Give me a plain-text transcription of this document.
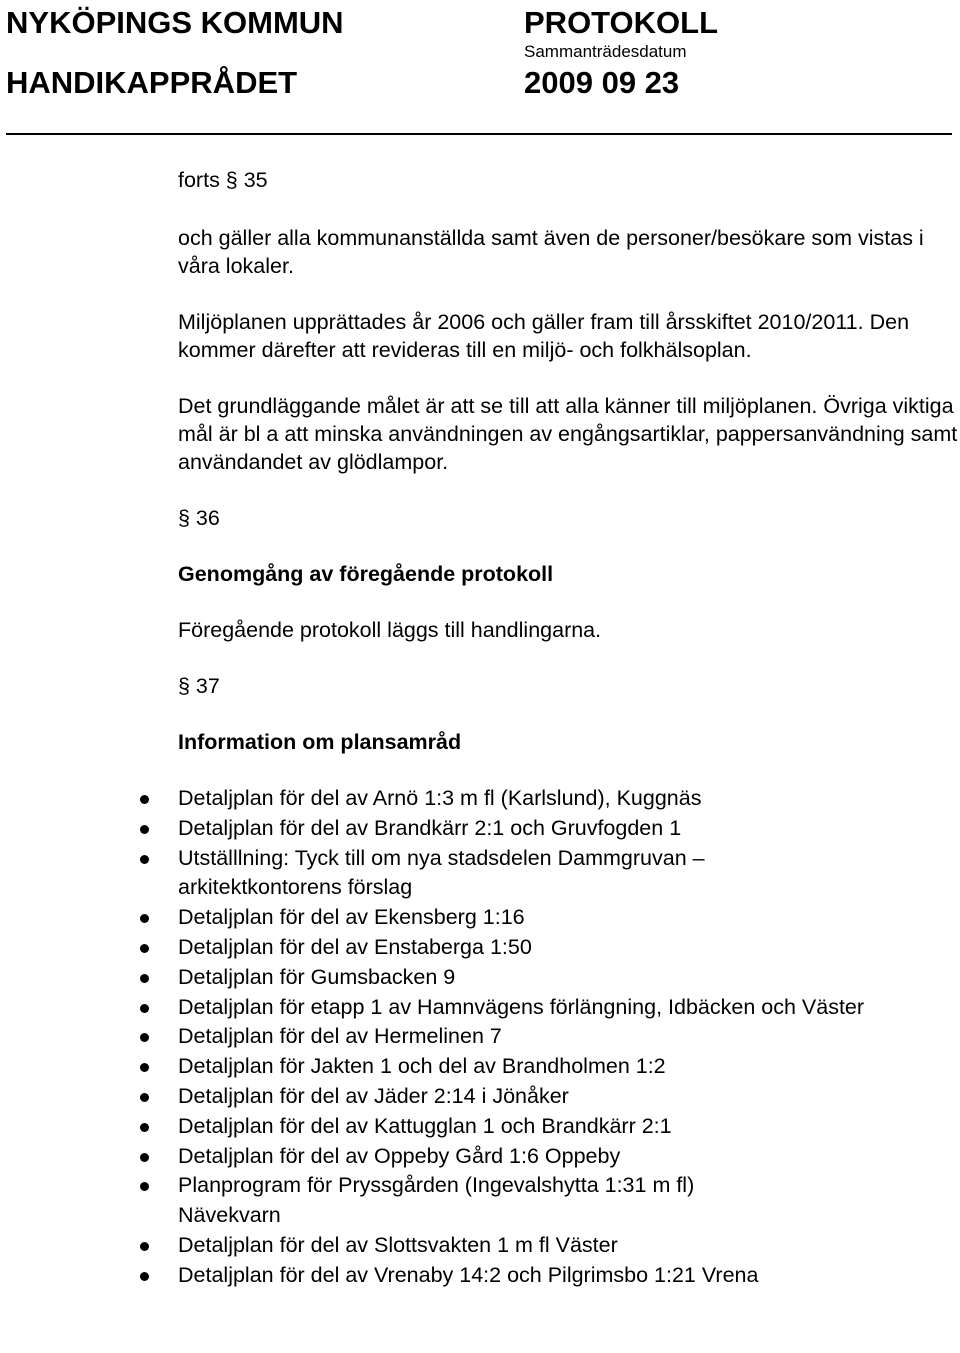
NYKÖPINGS KOMMUN
HANDIKAPPRÅDET
PROTOKOLL
Sammanträdesdatum
2009 09 23

forts § 35

och gäller alla kommunanställda samt även de personer/besökare som vistas i våra lokaler.

Miljöplanen upprättades år 2006 och gäller fram till årsskiftet 2010/2011. Den kommer därefter att revideras till en miljö- och folkhälsoplan.

Det grundläggande målet är att se till att alla känner till miljöplanen. Övriga viktiga mål är bl a att minska användningen av engångsartiklar, pappersanvändning samt användandet av glödlampor.

§ 36

Genomgång av föregående protokoll

Föregående protokoll läggs till handlingarna.

§ 37

Information om plansamråd

Detaljplan för del av Arnö 1:3 m fl (Karlslund), Kuggnäs
Detaljplan för del av Brandkärr 2:1 och Gruvfogden 1
Utställlning: Tyck till om nya stadsdelen Dammgruvan – arkitektkontorens förslag
Detaljplan för del av Ekensberg 1:16
Detaljplan för del av Enstaberga 1:50
Detaljplan för Gumsbacken 9
Detaljplan för etapp 1 av Hamnvägens förlängning, Idbäcken och Väster
Detaljplan för del av Hermelinen 7
Detaljplan för Jakten 1 och del av Brandholmen 1:2
Detaljplan för del av Jäder 2:14 i Jönåker
Detaljplan för del av Kattugglan 1 och Brandkärr 2:1
Detaljplan för del av Oppeby Gård 1:6 Oppeby
Planprogram för Pryssgården (Ingevalshytta 1:31 m fl) Nävekvarn
Detaljplan för del av Slottsvakten 1 m fl Väster
Detaljplan för del av Vrenaby 14:2 och Pilgrimsbo 1:21 Vrena
